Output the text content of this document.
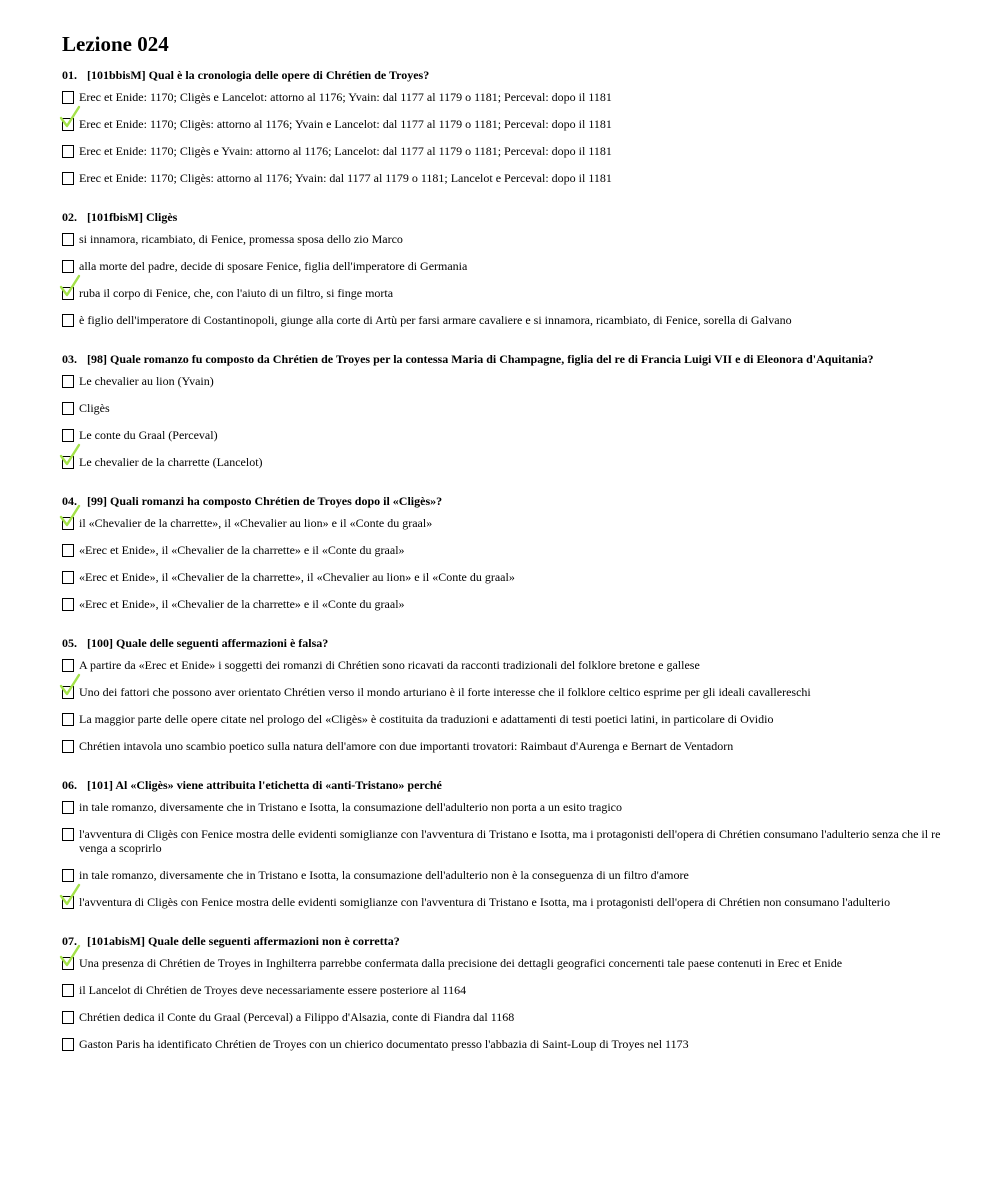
Lezione 024

01. [101bbisM] Qual è la cronologia delle opere di Chrétien de Troyes?

Erec et Enide: 1170; Cligès e Lancelot: attorno al 1176; Yvain: dal 1177 al 1179 o 1181; Perceval: dopo il 1181

Erec et Enide: 1170; Cligès: attorno al 1176; Yvain e Lancelot: dal 1177 al 1179 o 1181; Perceval: dopo il 1181

Erec et Enide: 1170; Cligès e Yvain: attorno al 1176; Lancelot: dal 1177 al 1179 o 1181; Perceval: dopo il 1181

Erec et Enide: 1170; Cligès: attorno al 1176; Yvain: dal 1177 al 1179 o 1181; Lancelot e Perceval: dopo il 1181

02. [101fbisM] Cligès

si innamora, ricambiato, di Fenice, promessa sposa dello zio Marco

alla morte del padre, decide di sposare Fenice, figlia dell'imperatore di Germania

ruba il corpo di Fenice, che, con l'aiuto di un filtro, si finge morta

è figlio dell'imperatore di Costantinopoli, giunge alla corte di Artù per farsi armare cavaliere e si innamora, ricambiato, di Fenice, sorella di Galvano

03. [98] Quale romanzo fu composto da Chrétien de Troyes per la contessa Maria di Champagne, figlia del re di Francia Luigi VII e di Eleonora d'Aquitania?

Le chevalier au lion (Yvain)

Cligès

Le conte du Graal (Perceval)

Le chevalier de la charrette (Lancelot)

04. [99] Quali romanzi ha composto Chrétien de Troyes dopo il «Cligès»?

il «Chevalier de la charrette», il «Chevalier au lion» e il «Conte du graal»

«Erec et Enide», il «Chevalier de la charrette» e il «Conte du graal»

«Erec et Enide», il «Chevalier de la charrette», il «Chevalier au lion» e il «Conte du graal»

«Erec et Enide», il «Chevalier de la charrette» e il «Conte du graal»

05. [100] Quale delle seguenti affermazioni è falsa?

A partire da «Erec et Enide» i soggetti dei romanzi di Chrétien sono ricavati da racconti tradizionali del folklore bretone e gallese

Uno dei fattori che possono aver orientato Chrétien verso il mondo arturiano è il forte interesse che il folklore celtico esprime per gli ideali cavallereschi

La maggior parte delle opere citate nel prologo del «Cligès» è costituita da traduzioni e adattamenti di testi poetici latini, in particolare di Ovidio

Chrétien intavola uno scambio poetico sulla natura dell'amore con due importanti trovatori: Raimbaut d'Aurenga e Bernart de Ventadorn

06. [101] Al «Cligès» viene attribuita l'etichetta di «anti-Tristano» perché

in tale romanzo, diversamente che in Tristano e Isotta, la consumazione dell'adulterio non porta a un esito tragico

l'avventura di Cligès con Fenice mostra delle evidenti somiglianze con l'avventura di Tristano e Isotta, ma i protagonisti dell'opera di Chrétien consumano l'adulterio senza che il re venga a scoprirlo

in tale romanzo, diversamente che in Tristano e Isotta, la consumazione dell'adulterio non è la conseguenza di un filtro d'amore

l'avventura di Cligès con Fenice mostra delle evidenti somiglianze con l'avventura di Tristano e Isotta, ma i protagonisti dell'opera di Chrétien non consumano l'adulterio

07. [101abisM] Quale delle seguenti affermazioni non è corretta?

Una presenza di Chrétien de Troyes in Inghilterra parrebbe confermata dalla precisione dei dettagli geografici concernenti tale paese contenuti in Erec et Enide

il Lancelot di Chrétien de Troyes deve necessariamente essere posteriore al 1164

Chrétien dedica il Conte du Graal (Perceval) a Filippo d'Alsazia, conte di Fiandra dal 1168

Gaston Paris ha identificato Chrétien de Troyes con un chierico documentato presso l'abbazia di Saint-Loup di Troyes nel 1173
